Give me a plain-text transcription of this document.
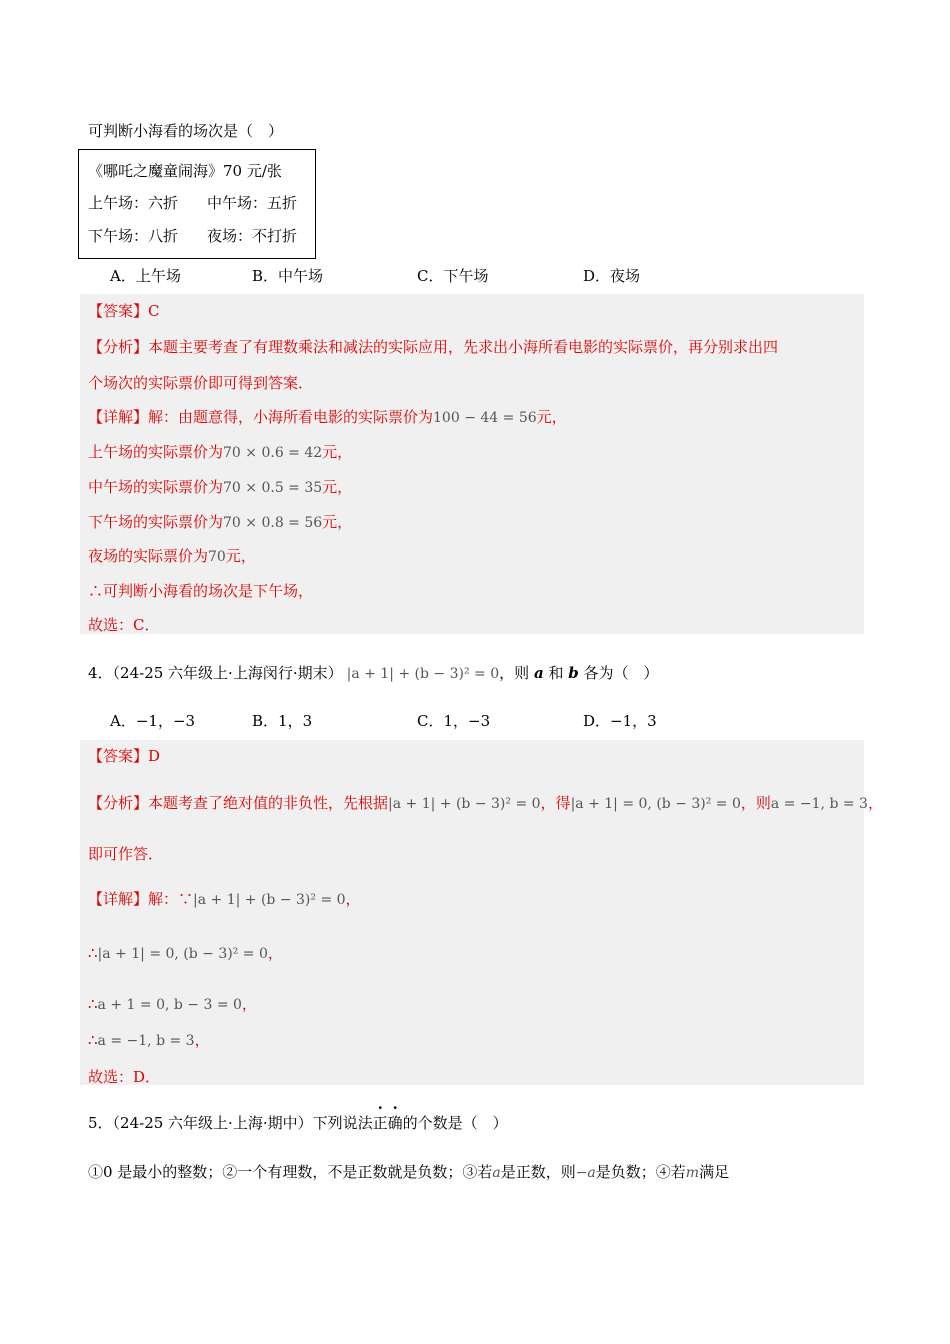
可判断小海看的场次是（　）
《哪吒之魔童闹海》70 元/张
上午场：六折 中午场：五折
下午场：八折 夜场：不打折
A．上午场	B．中午场	C．下午场	D．夜场
【答案】C
【分析】本题主要考查了有理数乘法和减法的实际应用，先求出小海所看电影的实际票价，再分别求出四
个场次的实际票价即可得到答案．
【详解】解：由题意得，小海所看电影的实际票价为100 − 44 = 56元，
上午场的实际票价为70 × 0.6 = 42元，
中午场的实际票价为70 × 0.5 = 35元，
下午场的实际票价为70 × 0.8 = 56元，
夜场的实际票价为70元，
∴可判断小海看的场次是下午场，
故选：C．
4．（24-25 六年级上·上海闵行·期末） |a + 1| + (b − 3)² = 0，则 a 和 b 各为（　）
A．−1，−3	B．1，3	C．1，−3	D．−1，3
【答案】D
【分析】本题考查了绝对值的非负性，先根据|a + 1| + (b − 3)² = 0，得|a + 1| = 0, (b − 3)² = 0，则a = −1, b = 3，
即可作答．
【详解】解：∵|a + 1| + (b − 3)² = 0，
∴|a + 1| = 0, (b − 3)² = 0，
∴a + 1 = 0, b − 3 = 0，
∴a = −1, b = 3，
故选：D．
5．（24-25 六年级上·上海·期中）下列说法正确的个数是（　）
①0 是最小的整数；②一个有理数，不是正数就是负数；③若a是正数，则−a是负数；④若m满足
